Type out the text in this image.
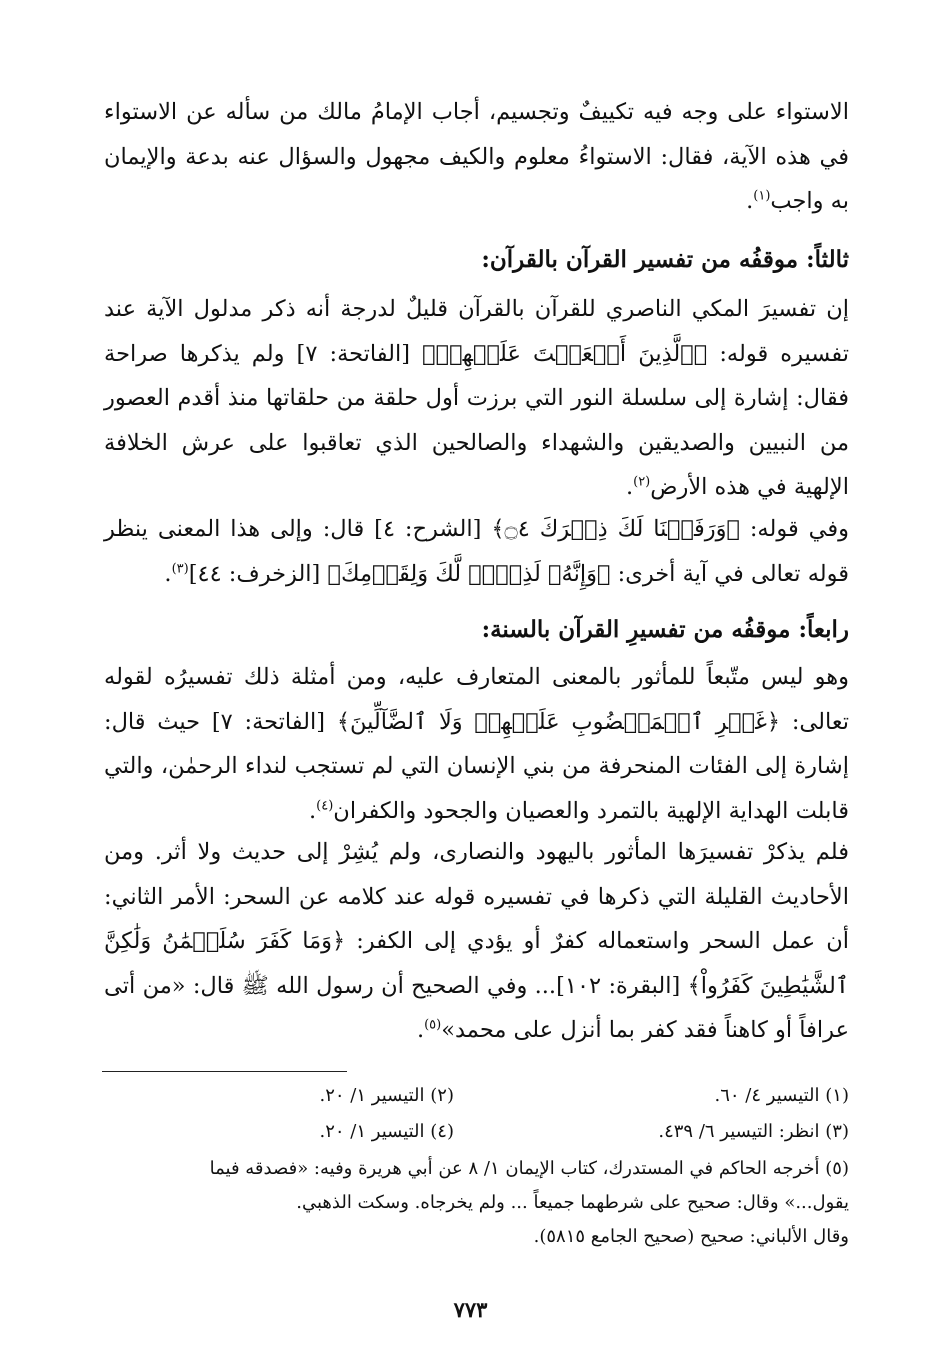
الاستواء على وجه فيه تكييفٌ وتجسيم، أجاب الإمامُ مالك من سأله عن الاستواء في هذه الآية، فقال: الاستواءُ معلوم والكيف مجهول والسؤال عنه بدعة والإيمان به واجب$^{(١)}$.

ثالثاً: موقفُه من تفسير القرآن بالقرآن:

إن تفسيرَ المكي الناصري للقرآن بالقرآن قليلٌ لدرجة أنه ذكر مدلول الآية عند تفسيره قوله: ﴿ٱلَّذِينَ أَنۡعَمۡتَ عَلَيۡهِمۡ﴾ [الفاتحة: ٧] ولم يذكرها صراحة فقال: إشارة إلى سلسلة النور التي برزت أول حلقة من حلقاتها منذ أقدم العصور من النبيين والصديقين والشهداء والصالحين الذي تعاقبوا على عرش الخلافة الإلهية في هذه الأرض$^{(٢)}$.

وفي قوله: ﴿وَرَفَعۡنَا لَكَ ذِكۡرَكَ ۝٤﴾ [الشرح: ٤] قال: وإلى هذا المعنى ينظر قوله تعالى في آية أخرى: ﴿وَإِنَّهُۥ لَذِكۡرٞ لَّكَ وَلِقَوۡمِكَ﴾ [الزخرف: ٤٤]$^{(٣)}$.

رابعاً: موقفُه من تفسيرِ القرآن بالسنة:

وهو ليس متّبعاً للمأثور بالمعنى المتعارف عليه، ومن أمثلة ذلك تفسيرُه لقوله تعالى: ﴿غَيۡرِ ٱلۡمَغۡضُوبِ عَلَيۡهِمۡ وَلَا ٱلضَّآلِّينَ﴾ [الفاتحة: ٧] حيث قال: إشارة إلى الفئات المنحرفة من بني الإنسان التي لم تستجب لنداء الرحمٰن، والتي قابلت الهداية الإلهية بالتمرد والعصيان والجحود والكفران$^{(٤)}$.

فلم يذكرْ تفسيرَها المأثور باليهود والنصارى، ولم يُشِرْ إلى حديث ولا أثر. ومن الأحاديث القليلة التي ذكرها في تفسيره قوله عند كلامه عن السحر: الأمر الثاني: أن عمل السحر واستعماله كفرٌ أو يؤدي إلى الكفر: ﴿وَمَا كَفَرَ سُلَيۡمَٰنُ وَلَٰكِنَّ ٱلشَّيَٰطِينَ كَفَرُواْ﴾ [البقرة: ١٠٢]... وفي الصحيح أن رسول الله ﷺ قال: «من أتى عرافاً أو كاهناً فقد كفر بما أنزل على محمد»$^{(٥)}$.

(١) التيسير ٤/ ٦٠.
(٢) التيسير ١/ ٢٠.
(٣) انظر: التيسير ٦/ ٤٣٩.
(٤) التيسير ١/ ٢٠.
(٥) أخرجه الحاكم في المستدرك، كتاب الإيمان ١/ ٨ عن أبي هريرة وفيه: «فصدقه فيما
يقول...» وقال: صحيح على شرطهما جميعاً ... ولم يخرجاه. وسكت الذهبي.
وقال الألباني: صحيح (صحيح الجامع ٥٨١٥).
٧٧٣
